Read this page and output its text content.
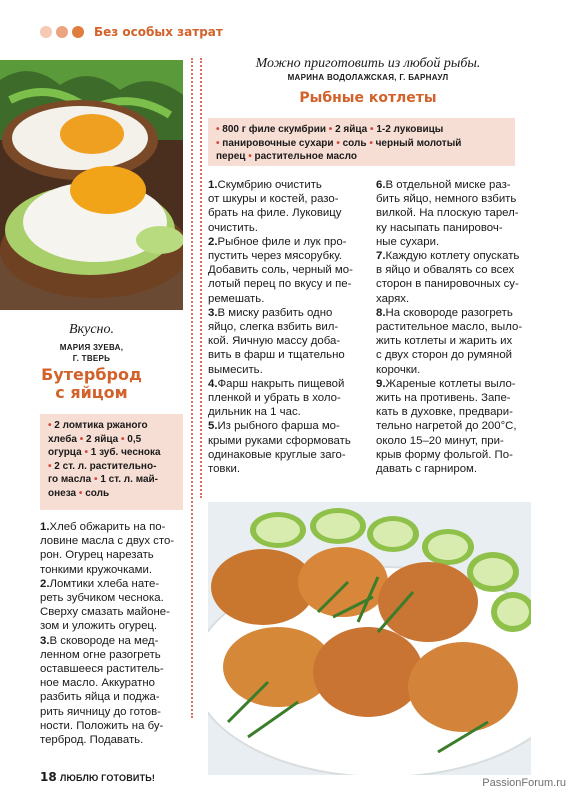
Без особых затрат
Вкусно.
МАРИЯ ЗУЕВА,
Г. ТВЕРЬ
Бутерброд
с яйцом
• 2 ломтика ржаного
хлеба • 2 яйца • 0,5
огурца • 1 зуб. чеснока
• 2 ст. л. растительно-
го масла • 1 ст. л. май-
онеза • соль

1.Хлеб обжарить на по-
ловине масла с двух сто-
рон. Огурец нарезать
тонкими кружочками.

2.Ломтики хлеба нате-
реть зубчиком чеснока.
Сверху смазать майоне-
зом и уложить огурец.

3.В сковороде на мед-
ленном огне разогреть
оставшееся раститель-
ное масло. Аккуратно
разбить яйца и поджа-
рить яичницу до готов-
ности. Положить на бу-
терброд. Подавать.

Можно приготовить из любой рыбы.
МАРИНА ВОДОЛАЖСКАЯ, Г. БАРНАУЛ
Рыбные котлеты
• 800 г филе скумбрии • 2 яйца • 1-2 луковицы
• панировочные сухари • соль • черный молотый
перец • растительное масло

1.Скумбрию очистить
от шкуры и костей, разо-
брать на филе. Луковицу
очистить.

2.Рыбное филе и лук про-
пустить через мясорубку.
Добавить соль, черный мо-
лотый перец по вкусу и пе-
ремешать.

3.В миску разбить одно
яйцо, слегка взбить вил-
кой. Яичную массу доба-
вить в фарш и тщательно
вымесить.

4.Фарш накрыть пищевой
пленкой и убрать в холо-
дильник на 1 час.

5.Из рыбного фарша мо-
крыми руками сформовать
одинаковые круглые заго-
товки.

6.В отдельной миске раз-
бить яйцо, немного взбить
вилкой. На плоскую тарел-
ку насыпать панировоч-
ные сухари.

7.Каждую котлету опускать
в яйцо и обвалять со всех
сторон в панировочных су-
харях.

8.На сковороде разогреть
растительное масло, выло-
жить котлеты и жарить их
с двух сторон до румяной
корочки.

9.Жареные котлеты выло-
жить на противень. Запе-
кать в духовке, предвари-
тельно нагретой до 200°С,
около 15–20 минут, при-
крыв форму фольгой. По-
давать с гарниром.

18 ЛЮБЛЮ ГОТОВИТЬ!	PassionForum.ru
